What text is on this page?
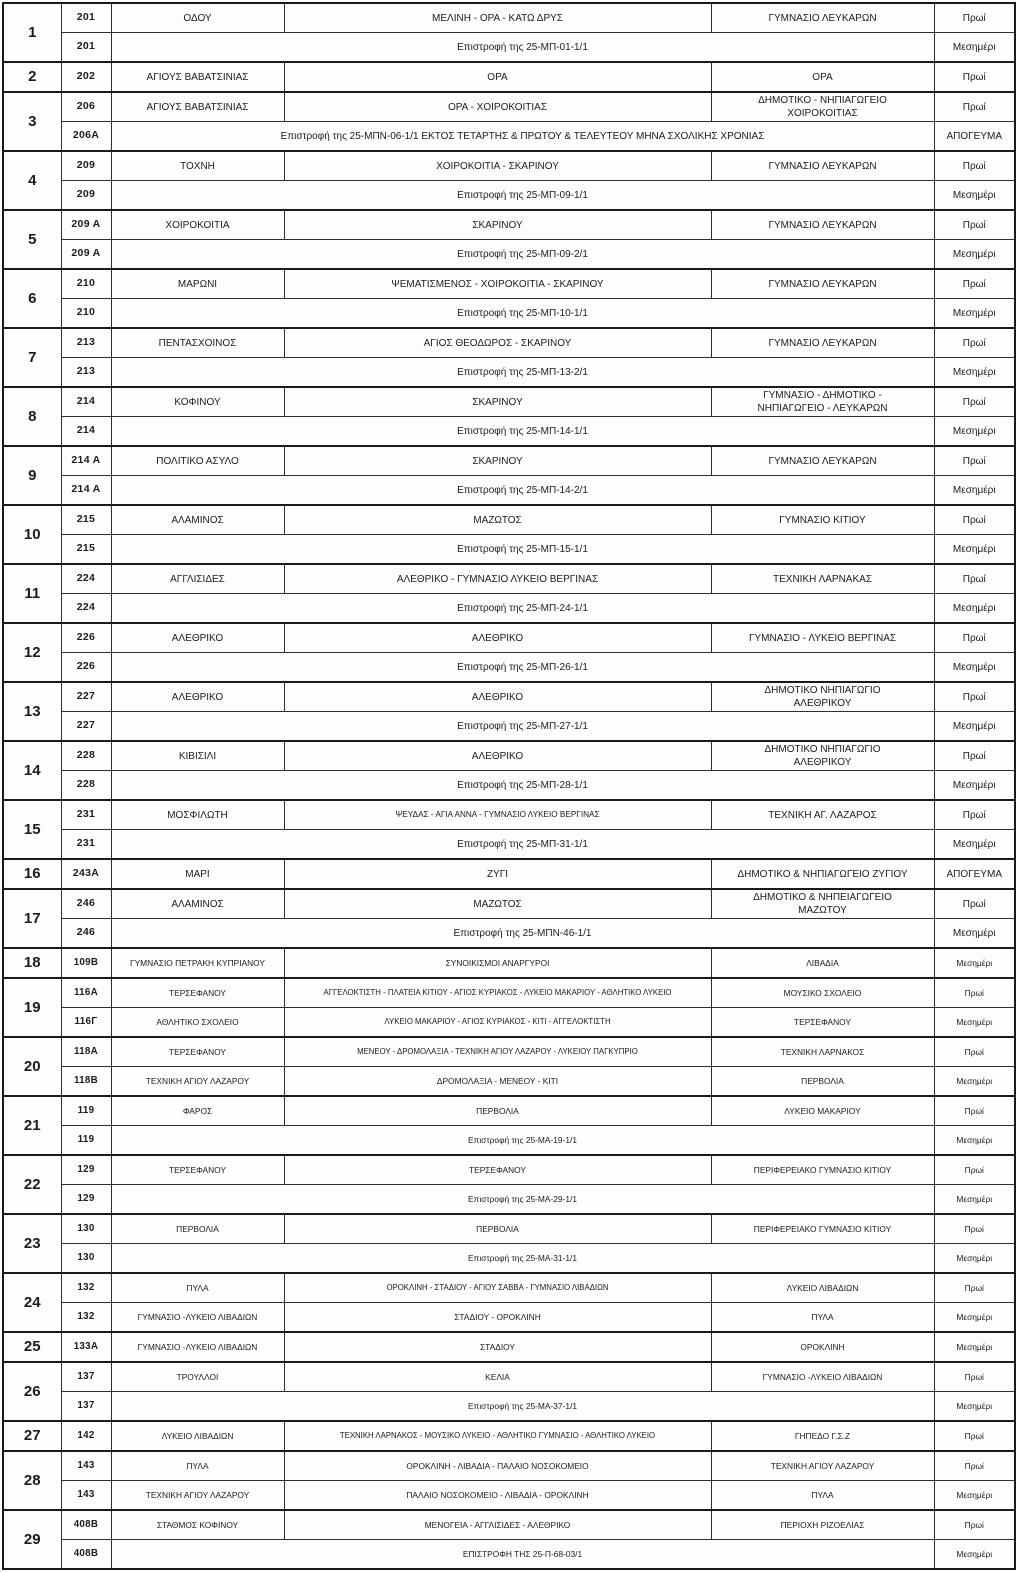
1	201	ΟΔΟΥ	ΜΕΛΙΝΗ - ΟΡΑ - ΚΑΤΩ ΔΡΥΣ	ΓΥΜΝΑΣΙΟ ΛΕΥΚΑΡΩΝ	Πρωί
	201	Επιστροφή της 25-ΜΠ-01-1/1			Μεσημέρι
2	202	ΑΓΙΟΥΣ ΒΑΒΑΤΣΙΝΙΑΣ	ΟΡΑ	ΟΡΑ	Πρωί
3	206	ΑΓΙΟΥΣ ΒΑΒΑΤΣΙΝΙΑΣ	ΟΡΑ - ΧΟΙΡΟΚΟΙΤΙΑΣ	ΔΗΜΟΤΙΚΟ - ΝΗΠΙΑΓΩΓΕΙΟ ΧΟΙΡΟΚΟΙΤΙΑΣ	Πρωί
	206Α	Επιστροφή της 25-ΜΠΝ-06-1/1 ΕΚΤΟΣ ΤΕΤΑΡΤΗΣ & ΠΡΩΤΟΥ & ΤΕΛΕΥΤΕΟΥ ΜΗΝΑ ΣΧΟΛΙΚΗΣ ΧΡΟΝΙΑΣ			ΑΠΟΓΕΥΜΑ
4	209	ΤΟΧΝΗ	ΧΟΙΡΟΚΟΙΤΙΑ - ΣΚΑΡΙΝΟΥ	ΓΥΜΝΑΣΙΟ ΛΕΥΚΑΡΩΝ	Πρωί
	209	Επιστροφή της 25-ΜΠ-09-1/1			Μεσημέρι
5	209 Α	ΧΟΙΡΟΚΟΙΤΙΑ	ΣΚΑΡΙΝΟΥ	ΓΥΜΝΑΣΙΟ ΛΕΥΚΑΡΩΝ	Πρωί
	209 Α	Επιστροφή της 25-ΜΠ-09-2/1			Μεσημέρι
6	210	ΜΑΡΩΝΙ	ΨΕΜΑΤΙΣΜΕΝΟΣ - ΧΟΙΡΟΚΟΙΤΙΑ - ΣΚΑΡΙΝΟΥ	ΓΥΜΝΑΣΙΟ ΛΕΥΚΑΡΩΝ	Πρωί
	210	Επιστροφή της 25-ΜΠ-10-1/1			Μεσημέρι
7	213	ΠΕΝΤΑΣΧΟΙΝΟΣ	ΑΓΙΟΣ ΘΕΟΔΩΡΟΣ - ΣΚΑΡΙΝΟΥ	ΓΥΜΝΑΣΙΟ ΛΕΥΚΑΡΩΝ	Πρωί
	213	Επιστροφή της 25-ΜΠ-13-2/1			Μεσημέρι
8	214	ΚΟΦΙΝΟΥ	ΣΚΑΡΙΝΟΥ	ΓΥΜΝΑΣΙΟ - ΔΗΜΟΤΙΚΟ - ΝΗΠΙΑΓΩΓΕΙΟ - ΛΕΥΚΑΡΩΝ	Πρωί
	214	Επιστροφή της 25-ΜΠ-14-1/1			Μεσημέρι
9	214 Α	ΠΟΛΙΤΙΚΟ ΑΣΥΛΟ	ΣΚΑΡΙΝΟΥ	ΓΥΜΝΑΣΙΟ ΛΕΥΚΑΡΩΝ	Πρωί
	214 Α	Επιστροφή της 25-ΜΠ-14-2/1			Μεσημέρι
10	215	ΑΛΑΜΙΝΟΣ	ΜΑΖΩΤΟΣ	ΓΥΜΝΑΣΙΟ ΚΙΤΙΟΥ	Πρωί
	215	Επιστροφή της 25-ΜΠ-15-1/1			Μεσημέρι
11	224	ΑΓΓΛΙΣΙΔΕΣ	ΑΛΕΘΡΙΚΟ - ΓΥΜΝΑΣΙΟ ΛΥΚΕΙΟ ΒΕΡΓΙΝΑΣ	ΤΕΧΝΙΚΗ ΛΑΡΝΑΚΑΣ	Πρωί
	224	Επιστροφή της 25-ΜΠ-24-1/1			Μεσημέρι
12	226	ΑΛΕΘΡΙΚΟ	ΑΛΕΘΡΙΚΟ	ΓΥΜΝΑΣΙΟ - ΛΥΚΕΙΟ ΒΕΡΓΙΝΑΣ	Πρωί
	226	Επιστροφή της 25-ΜΠ-26-1/1			Μεσημέρι
13	227	ΑΛΕΘΡΙΚΟ	ΑΛΕΘΡΙΚΟ	ΔΗΜΟΤΙΚΟ ΝΗΠΙΑΓΩΓΙΟ ΑΛΕΘΡΙΚΟΥ	Πρωί
	227	Επιστροφή της 25-ΜΠ-27-1/1			Μεσημέρι
14	228	ΚΙΒΙΣΙΛΙ	ΑΛΕΘΡΙΚΟ	ΔΗΜΟΤΙΚΟ ΝΗΠΙΑΓΩΓΙΟ ΑΛΕΘΡΙΚΟΥ	Πρωί
	228	Επιστροφή της 25-ΜΠ-28-1/1			Μεσημέρι
15	231	ΜΟΣΦΙΛΩΤΗ	ΨΕΥΔΑΣ - ΑΓΙΑ ΑΝΝΑ - ΓΥΜΝΑΣΙΟ ΛΥΚΕΙΟ ΒΕΡΓΙΝΑΣ	ΤΕΧΝΙΚΗ ΑΓ. ΛΑΖΑΡΟΣ	Πρωί
	231	Επιστροφή της 25-ΜΠ-31-1/1			Μεσημέρι
16	243Α	ΜΑΡΙ	ΖΥΓΙ	ΔΗΜΟΤΙΚΟ & ΝΗΠΙΑΓΩΓΕΙΟ ΖΥΓΙΟΥ	ΑΠΟΓΕΥΜΑ
17	246	ΑΛΑΜΙΝΟΣ	ΜΑΖΩΤΟΣ	ΔΗΜΟΤΙΚΟ & ΝΗΠΕΙΑΓΩΓΕΙΟ ΜΑΖΩΤΟΥ	Πρωί
	246	Επιστροφή της 25-ΜΠΝ-46-1/1			Μεσημέρι
18	109Β	ΓΥΜΝΑΣΙΟ ΠΕΤΡΑΚΗ ΚΥΠΡΙΑΝΟΥ	ΣΥΝΟΙΚΙΣΜΟΙ ΑΝΑΡΓΥΡΟΙ	ΛΙΒΑΔΙΑ	Μεσημέρι
19	116Α	ΤΕΡΣΕΦΑΝΟΥ	ΑΓΓΕΛΟΚΤΙΣΤΗ - ΠΛΑΤΕΙΑ ΚΙΤΙΟΥ - ΑΓΙΟΣ ΚΥΡΙΑΚΟΣ - ΛΥΚΕΙΟ ΜΑΚΑΡΙΟΥ - ΑΘΛΗΤΙΚΟ ΛΥΚΕΙΟ	ΜΟΥΣΙΚΟ ΣΧΟΛΕΙΟ	Πρωί
	116Γ	ΑΘΛΗΤΙΚΟ ΣΧΟΛΕΙΟ	ΛΥΚΕΙΟ ΜΑΚΑΡΙΟΥ - ΑΓΙΟΣ ΚΥΡΙΑΚΟΣ - ΚΙΤΙ - ΑΓΓΕΛΟΚΤΙΣΤΗ	ΤΕΡΣΕΦΑΝΟΥ	Μεσημέρι
20	118Α	ΤΕΡΣΕΦΑΝΟΥ	ΜΕΝΕΟΥ - ΔΡΟΜΟΛΑΞΙΑ - ΤΕΧΝΙΚΗ ΑΓΙΟΥ ΛΑΖΑΡΟΥ - ΛΥΚΕΙΟΥ ΠΑΓΚΥΠΡΙΟ	ΤΕΧΝΙΚΗ ΛΑΡΝΑΚΟΣ	Πρωί
	118Β	ΤΕΧΝΙΚΗ ΑΓΙΟΥ ΛΑΖΑΡΟΥ	ΔΡΟΜΟΛΑΞΙΑ - ΜΕΝΕΟΥ - ΚΙΤΙ	ΠΕΡΒΟΛΙΑ	Μεσημέρι
21	119	ΦΑΡΟΣ	ΠΕΡΒΟΛΙΑ	ΛΥΚΕΙΟ ΜΑΚΑΡΙΟΥ	Πρωί
	119	Επιστροφή της 25-ΜΑ-19-1/1			Μεσημέρι
22	129	ΤΕΡΣΕΦΑΝΟΥ	ΤΕΡΣΕΦΑΝΟΥ	ΠΕΡΙΦΕΡΕΙΑΚΟ ΓΥΜΝΑΣΙΟ ΚΙΤΙΟΥ	Πρωί
	129	Επιστροφή της 25-ΜΑ-29-1/1			Μεσημέρι
23	130	ΠΕΡΒΟΛΙΑ	ΠΕΡΒΟΛΙΑ	ΠΕΡΙΦΕΡΕΙΑΚΟ ΓΥΜΝΑΣΙΟ ΚΙΤΙΟΥ	Πρωί
	130	Επιστροφή της 25-ΜΑ-31-1/1			Μεσημέρι
24	132	ΠΥΛΑ	ΟΡΟΚΛΙΝΗ - ΣΤΑΔΙΟΥ - ΑΓΙΟΥ ΣΑΒΒΑ - ΓΥΜΝΑΣΙΟ ΛΙΒΑΔΙΩΝ	ΛΥΚΕΙΟ ΛΙΒΑΔΙΩΝ	Πρωί
	132	ΓΥΜΝΑΣΙΟ -ΛΥΚΕΙΟ ΛΙΒΑΔΙΩΝ	ΣΤΑΔΙΟΥ - ΟΡΟΚΛΙΝΗ	ΠΥΛΑ	Μεσημέρι
25	133Α	ΓΥΜΝΑΣΙΟ -ΛΥΚΕΙΟ ΛΙΒΑΔΙΩΝ	ΣΤΑΔΙΟΥ	ΟΡΟΚΛΙΝΗ	Μεσημέρι
26	137	ΤΡΟΥΛΛΟΙ	ΚΕΛΙΑ	ΓΥΜΝΑΣΙΟ -ΛΥΚΕΙΟ ΛΙΒΑΔΙΩΝ	Πρωί
	137	Επιστροφή της 25-ΜΑ-37-1/1			Μεσημέρι
27	142	ΛΥΚΕΙΟ ΛΙΒΑΔΙΩΝ	ΤΕΧΝΙΚΗ ΛΑΡΝΑΚΟΣ - ΜΟΥΣΙΚΟ ΛΥΚΕΙΟ - ΑΘΛΗΤΙΚΟ ΓΥΜΝΑΣΙΟ - ΑΘΛΗΤΙΚΟ ΛΥΚΕΙΟ	ΓΗΠΕΔΟ Γ.Σ.Ζ	Πρωί
28	143	ΠΥΛΑ	ΟΡΟΚΛΙΝΗ - ΛΙΒΑΔΙΑ - ΠΑΛΑΙΟ ΝΟΣΟΚΟΜΕΙΟ	ΤΕΧΝΙΚΗ ΑΓΙΟΥ ΛΑΖΑΡΟΥ	Πρωί
	143	ΤΕΧΝΙΚΗ ΑΓΙΟΥ ΛΑΖΑΡΟΥ	ΠΑΛΑΙΟ ΝΟΣΟΚΟΜΕΙΟ - ΛΙΒΑΔΙΑ - ΟΡΟΚΛΙΝΗ	ΠΥΛΑ	Μεσημέρι
29	408Β	ΣΤΑΘΜΟΣ ΚΟΦΙΝΟΥ	ΜΕΝΟΓΕΙΑ - ΑΓΓΛΙΣΙΔΕΣ - ΑΛΕΘΡΙΚΟ	ΠΕΡΙΟΧΗ ΡΙΖΟΕΛΙΑΣ	Πρωί
	408Β	ΕΠΙΣΤΡΟΦΗ ΤΗΣ 25-Π-68-03/1			Μεσημέρι
